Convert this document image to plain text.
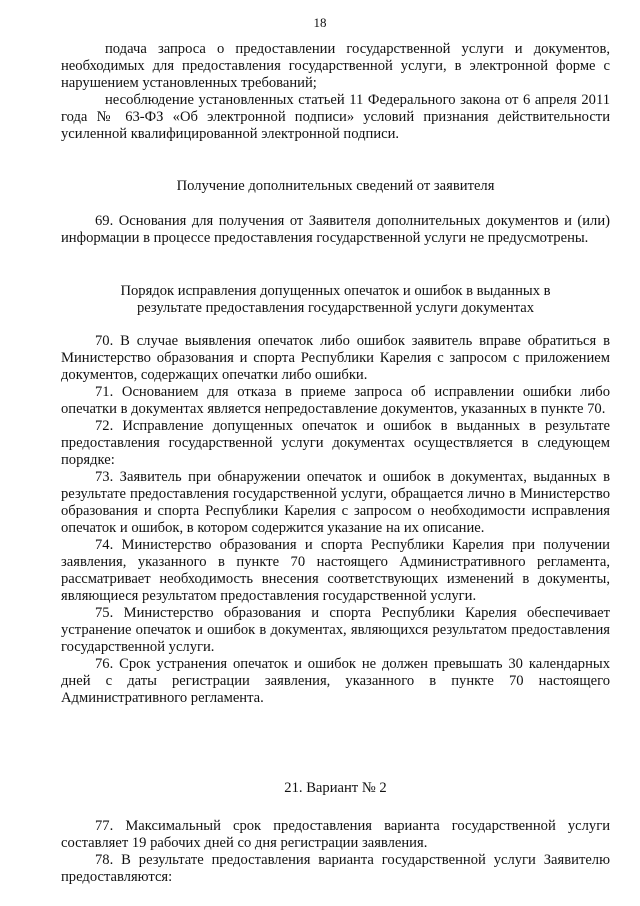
18

подача запроса о предоставлении государственной услуги и документов, необходимых для предоставления государственной услуги, в электронной форме с нарушением установленных требований;

несоблюдение установленных статьей 11 Федерального закона от 6 апреля 2011 года № 63-ФЗ «Об электронной подписи» условий признания действительности усиленной квалифицированной электронной подписи.

Получение дополнительных сведений от заявителя

69. Основания для получения от Заявителя дополнительных документов и (или) информации в процессе предоставления государственной услуги не предусмотрены.

Порядок исправления допущенных опечаток и ошибок в выданных в

результате предоставления государственной услуги документах

70. В случае выявления опечаток либо ошибок заявитель вправе обратиться в Министерство образования и спорта Республики Карелия с запросом с приложением документов, содержащих опечатки либо ошибки.

71. Основанием для отказа в приеме запроса об исправлении ошибки либо опечатки в документах является непредоставление документов, указанных в пункте 70.

72. Исправление допущенных опечаток и ошибок в выданных в результате предоставления государственной услуги документах осуществляется в следующем порядке:

73. Заявитель при обнаружении опечаток и ошибок в документах, выданных в результате предоставления государственной услуги, обращается лично в Министерство образования и спорта Республики Карелия с запросом о необходимости исправления опечаток и ошибок, в котором содержится указание на их описание.

74. Министерство образования и спорта Республики Карелия при получении заявления, указанного в пункте 70 настоящего Административного регламента, рассматривает необходимость внесения соответствующих изменений в документы, являющиеся результатом предоставления государственной услуги.

75. Министерство образования и спорта Республики Карелия обеспечивает устранение опечаток и ошибок в документах, являющихся результатом предоставления государственной услуги.

76. Срок устранения опечаток и ошибок не должен превышать 30 календарных дней с даты регистрации заявления, указанного в пункте 70 настоящего Административного регламента.

21. Вариант № 2

77. Максимальный срок предоставления варианта государственной услуги составляет 19 рабочих дней со дня регистрации заявления.

78. В результате предоставления варианта государственной услуги Заявителю предоставляются:
